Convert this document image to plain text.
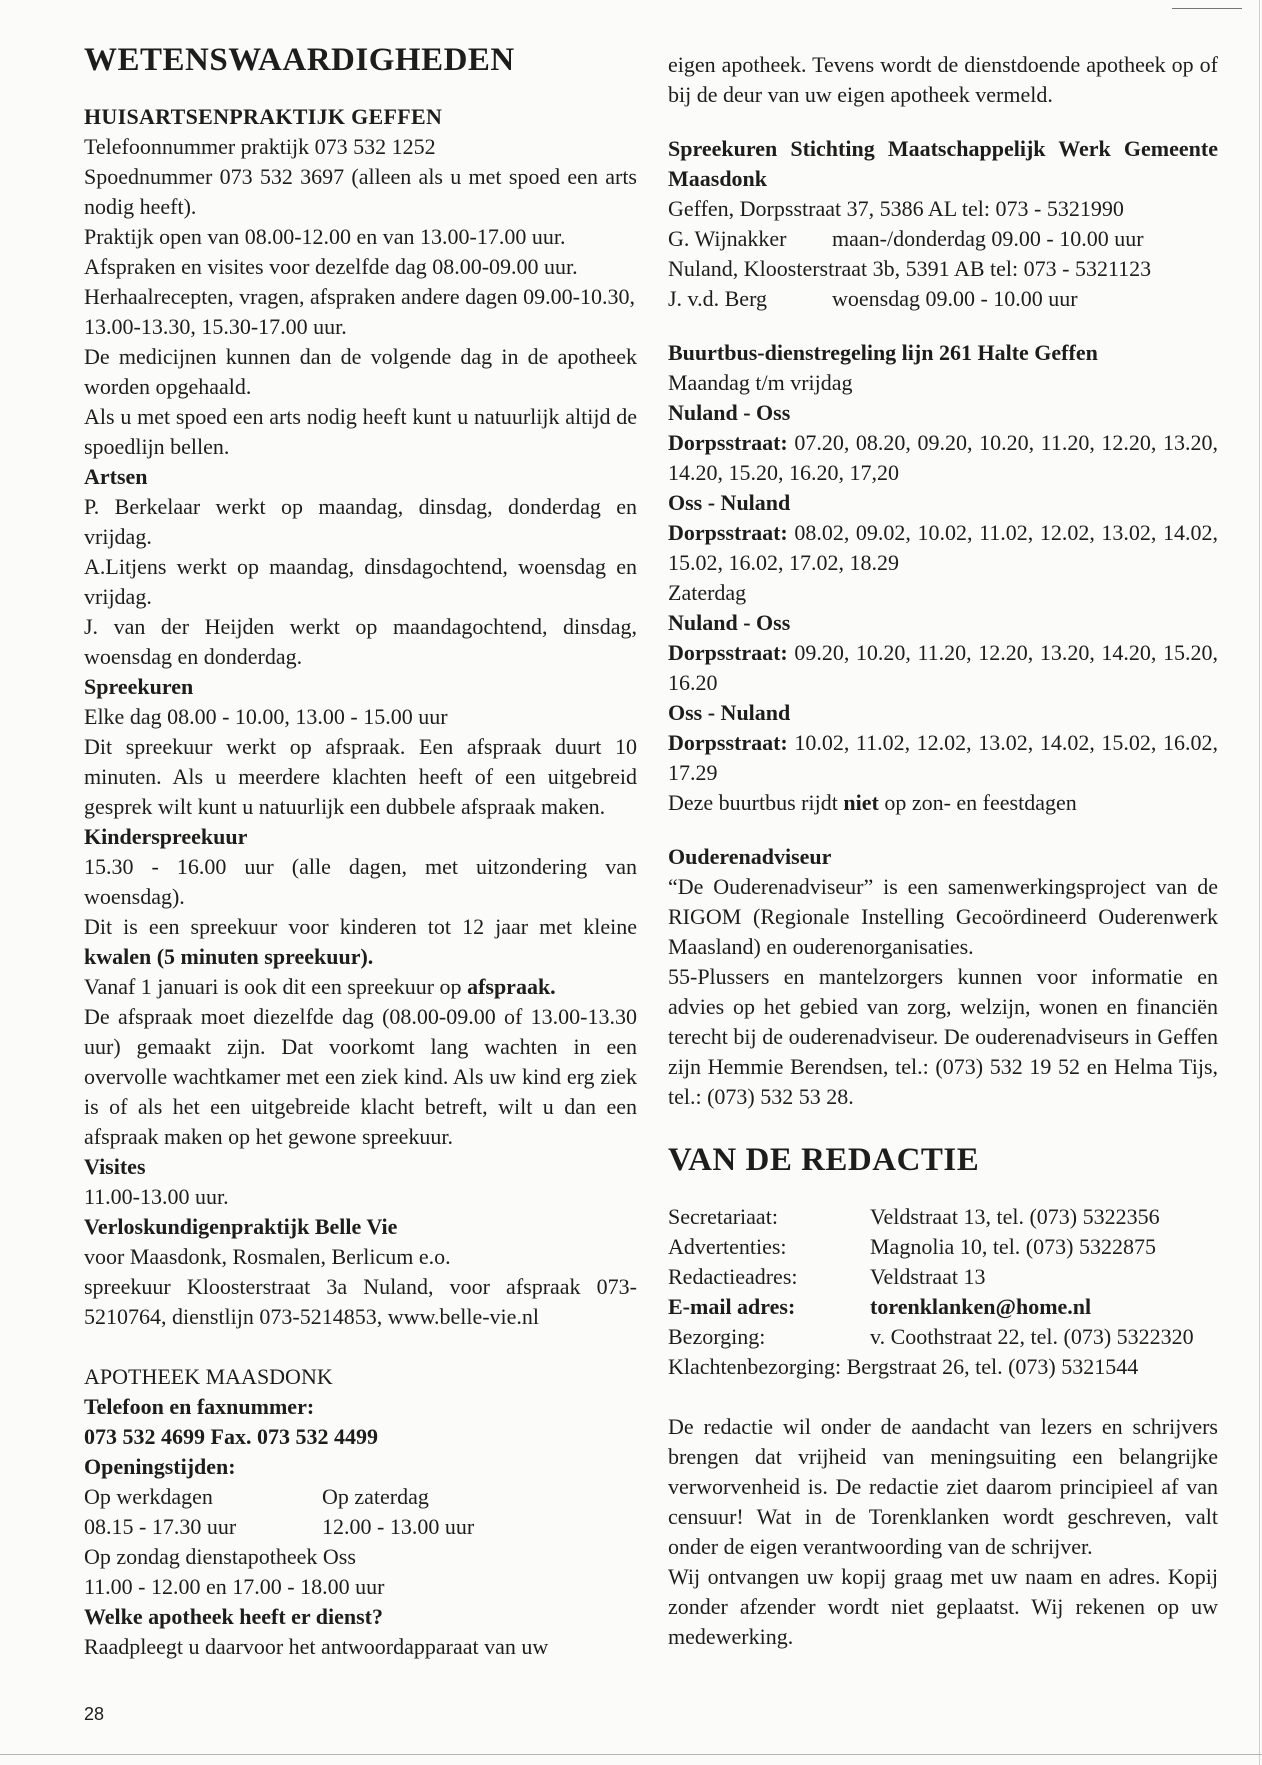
WETENSWAARDIGHEDEN
HUISARTSENPRAKTIJK GEFFEN

Telefoonnummer praktijk 073 532 1252

Spoednummer 073 532 3697 (alleen als u met spoed een arts nodig heeft).

Praktijk open van 08.00-12.00 en van 13.00-17.00 uur.

Afspraken en visites voor dezelfde dag 08.00-09.00 uur.

Herhaalrecepten, vragen, afspraken andere dagen 09.00-10.30, 13.00-13.30, 15.30-17.00 uur.

De medicijnen kunnen dan de volgende dag in de apotheek worden opgehaald.

Als u met spoed een arts nodig heeft kunt u natuurlijk altijd de spoedlijn bellen.

Artsen

P. Berkelaar werkt op maandag, dinsdag, donderdag en vrijdag.

A.Litjens werkt op maandag, dinsdagochtend, woensdag en vrijdag.

J. van der Heijden werkt op maandagochtend, dinsdag, woensdag en donderdag.

Spreekuren

Elke dag 08.00 - 10.00, 13.00 - 15.00 uur

Dit spreekuur werkt op afspraak. Een afspraak duurt 10 minuten. Als u meerdere klachten heeft of een uitgebreid gesprek wilt kunt u natuurlijk een dubbele afspraak maken.

Kinderspreekuur

15.30 - 16.00 uur (alle dagen, met uitzondering van woensdag).

Dit is een spreekuur voor kinderen tot 12 jaar met kleine kwalen (5 minuten spreekuur).

Vanaf 1 januari is ook dit een spreekuur op afspraak.

De afspraak moet diezelfde dag (08.00-09.00 of 13.00-13.30 uur) gemaakt zijn. Dat voorkomt lang wachten in een overvolle wachtkamer met een ziek kind. Als uw kind erg ziek is of als het een uitgebreide klacht betreft, wilt u dan een afspraak maken op het gewone spreekuur.

Visites

11.00-13.00 uur.

Verloskundigenpraktijk Belle Vie

voor Maasdonk, Rosmalen, Berlicum e.o.

spreekuur Kloosterstraat 3a Nuland, voor afspraak 073-5210764, dienstlijn 073-5214853, www.belle-vie.nl

APOTHEEK MAASDONK
Telefoon en faxnummer:
073 532 4699 Fax. 073 532 4499
Openingstijden:
Op werkdagen	Op zaterdag
08.15 - 17.30 uur	12.00 - 13.00 uur

Op zondag dienstapotheek Oss

11.00 - 12.00 en 17.00 - 18.00 uur

Welke apotheek heeft er dienst?

Raadpleegt u daarvoor het antwoordapparaat van uw

28

eigen apotheek. Tevens wordt de dienstdoende apotheek op of bij de deur van uw eigen apotheek vermeld.

Spreekuren Stichting Maatschappelijk Werk Gemeente Maasdonk

Geffen, Dorpsstraat 37, 5386 AL tel: 073 - 5321990

G. Wijnakker maan-/donderdag 09.00 - 10.00 uur

Nuland, Kloosterstraat 3b, 5391 AB tel: 073 - 5321123

J. v.d. Berg	woensdag 09.00 - 10.00 uur

Buurtbus-dienstregeling lijn 261 Halte Geffen

Maandag t/m vrijdag

Nuland - Oss

Dorpsstraat: 07.20, 08.20, 09.20, 10.20, 11.20, 12.20, 13.20, 14.20, 15.20, 16.20, 17,20

Oss - Nuland

Dorpsstraat: 08.02, 09.02, 10.02, 11.02, 12.02, 13.02, 14.02, 15.02, 16.02, 17.02, 18.29

Zaterdag

Nuland - Oss

Dorpsstraat: 09.20, 10.20, 11.20, 12.20, 13.20, 14.20, 15.20, 16.20

Oss - Nuland

Dorpsstraat: 10.02, 11.02, 12.02, 13.02, 14.02, 15.02, 16.02, 17.29

Deze buurtbus rijdt niet op zon- en feestdagen

Ouderenadviseur

“De Ouderenadviseur” is een samenwerkingsproject van de RIGOM (Regionale Instelling Gecoördineerd Ouderenwerk Maasland) en ouderenorganisaties.

55-Plussers en mantelzorgers kunnen voor informatie en advies op het gebied van zorg, welzijn, wonen en financiën terecht bij de ouderenadviseur. De ouderenadviseurs in Geffen zijn Hemmie Berendsen, tel.: (073) 532 19 52 en Helma Tijs, tel.: (073) 532 53 28.

VAN DE REDACTIE
Secretariaat:	Veldstraat 13, tel. (073) 5322356
Advertenties:	Magnolia 10, tel. (073) 5322875
Redactieadres:	Veldstraat 13
E-mail adres:	torenklanken@home.nl
Bezorging:	v. Coothstraat 22, tel. (073) 5322320

Klachtenbezorging: Bergstraat 26, tel. (073) 5321544

De redactie wil onder de aandacht van lezers en schrijvers brengen dat vrijheid van meningsuiting een belangrijke verworvenheid is. De redactie ziet daarom principieel af van censuur! Wat in de Torenklanken wordt geschreven, valt onder de eigen verantwoording van de schrijver.

Wij ontvangen uw kopij graag met uw naam en adres. Kopij zonder afzender wordt niet geplaatst. Wij rekenen op uw medewerking.
